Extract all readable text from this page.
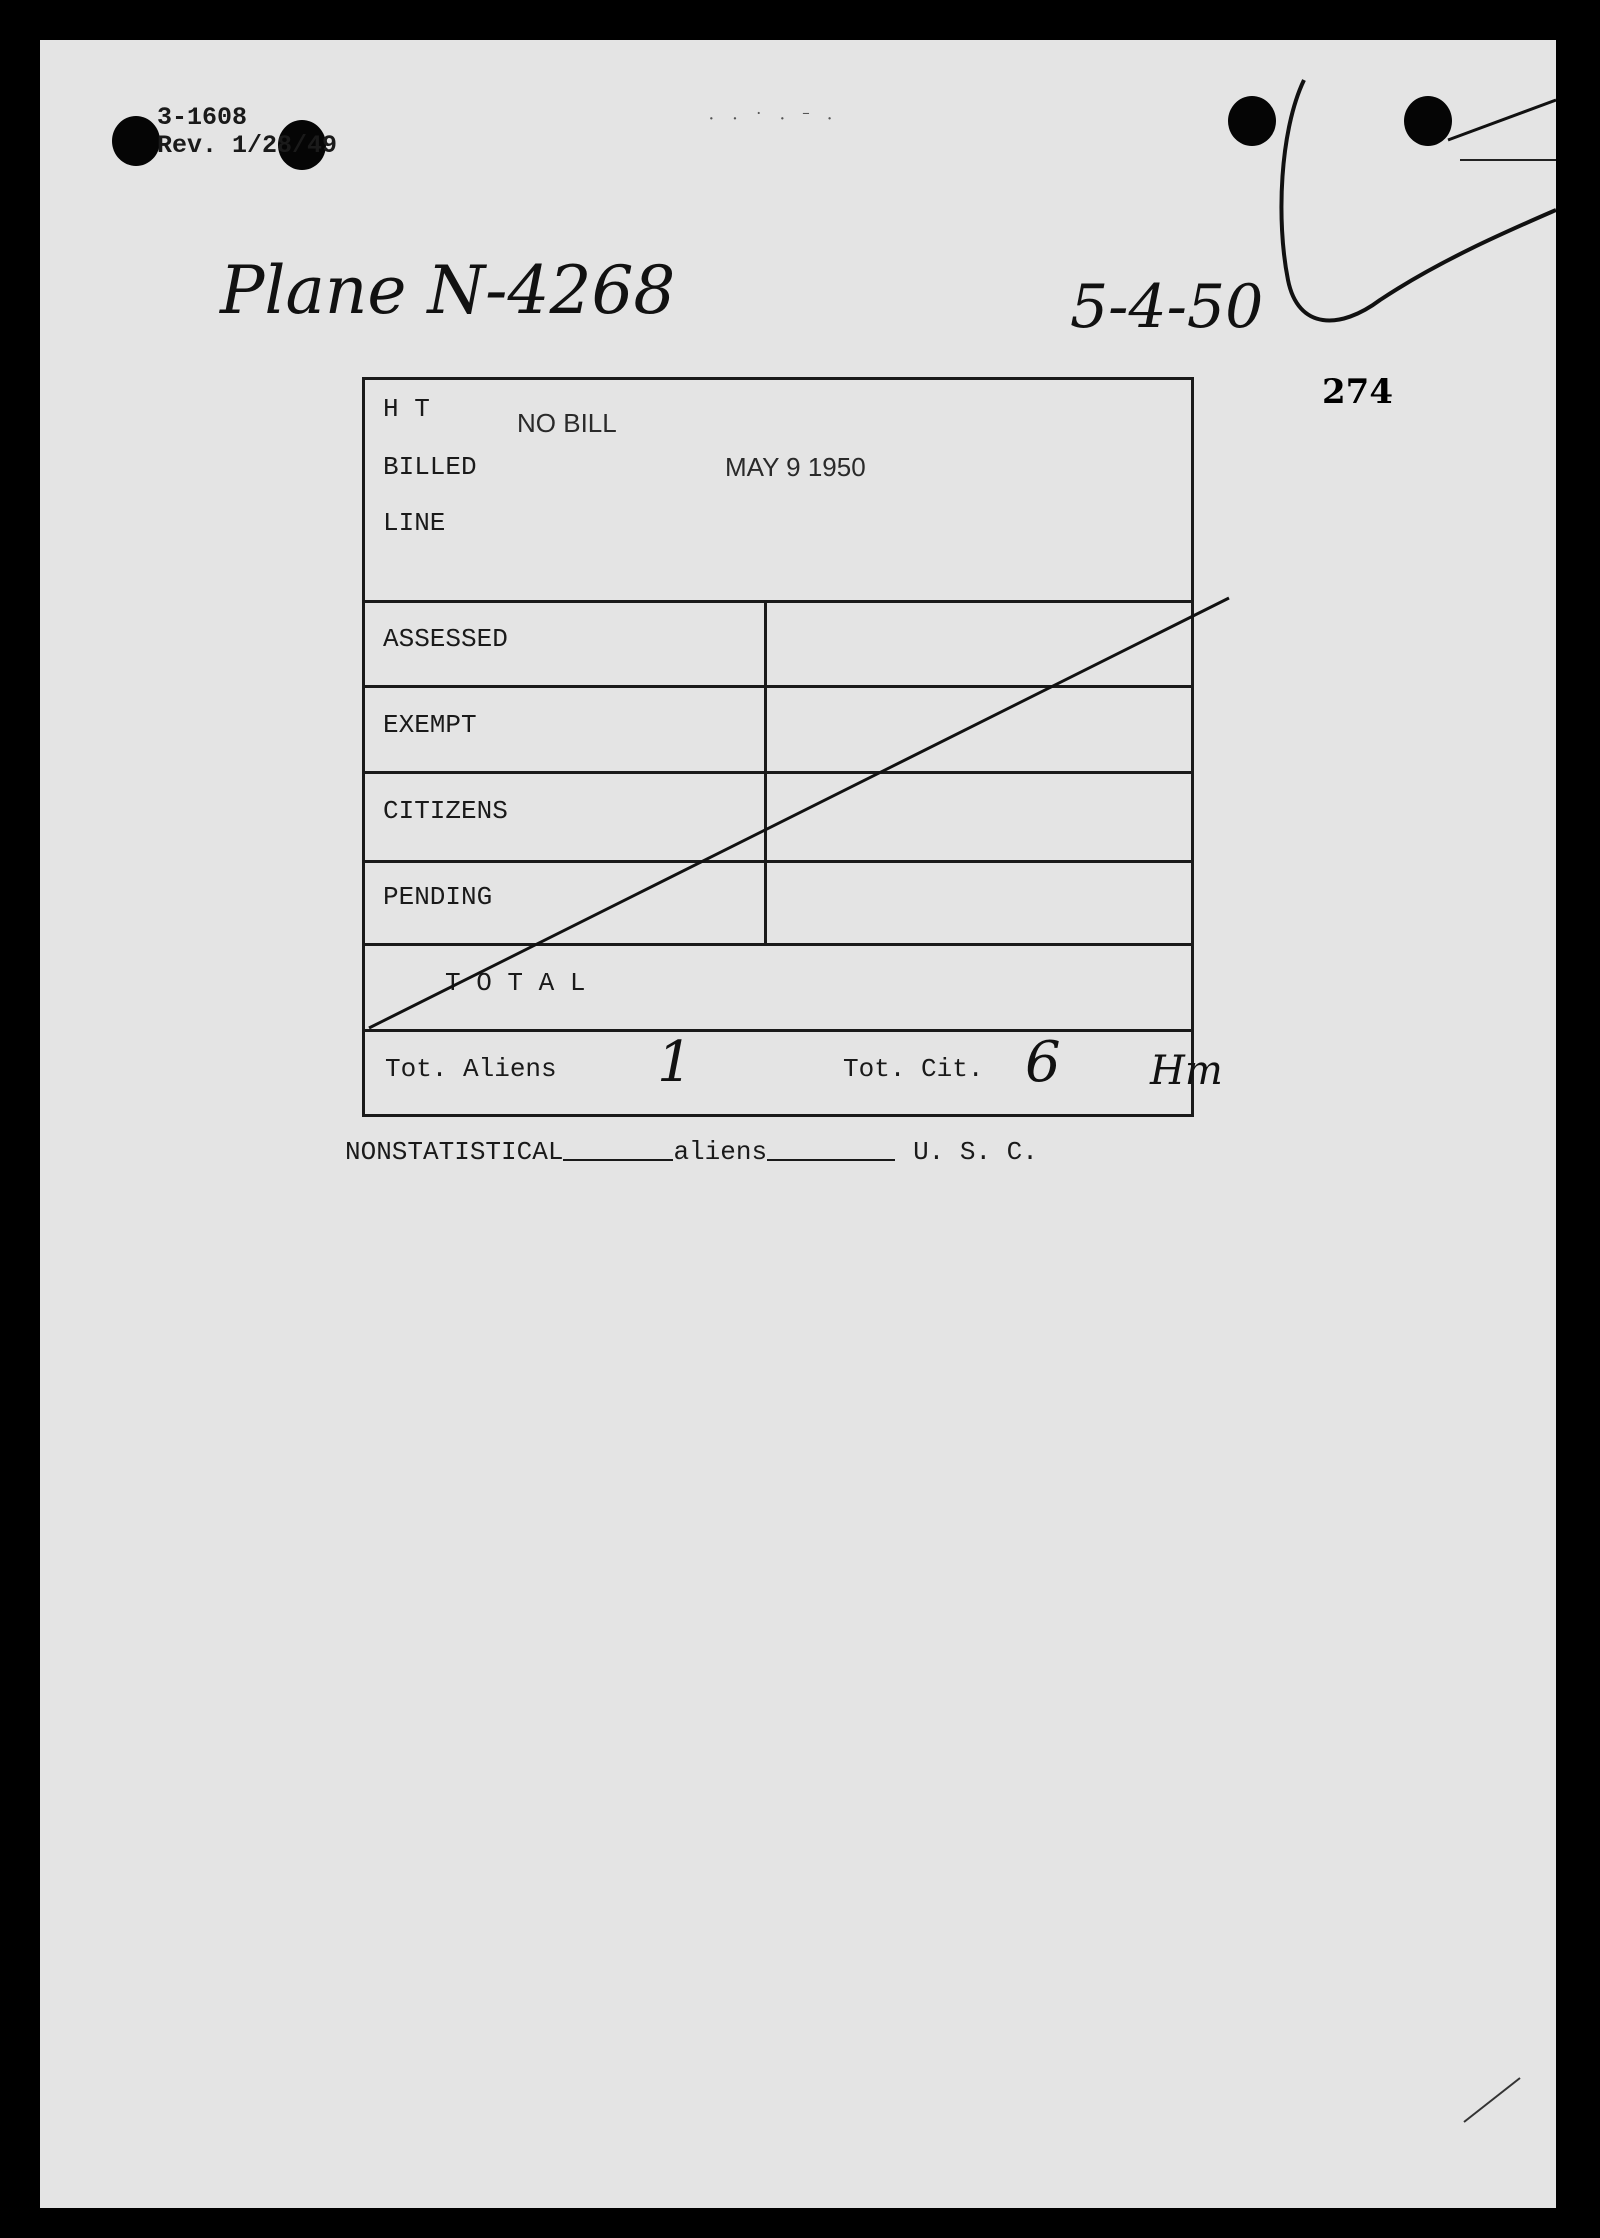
3-1608
Rev. 1/28/49
· · ˙ · ˉ ·
Plane N-4268	5-4-50
274
H T	NO BILL
BILLED	MAY 9 1950
LINE
ASSESSED
EXEMPT
CITIZENS
PENDING
T O T A L
Tot. Aliens 1	Tot. Cit. 6 Hm
NONSTATISTICAL	aliens	U. S. C.
